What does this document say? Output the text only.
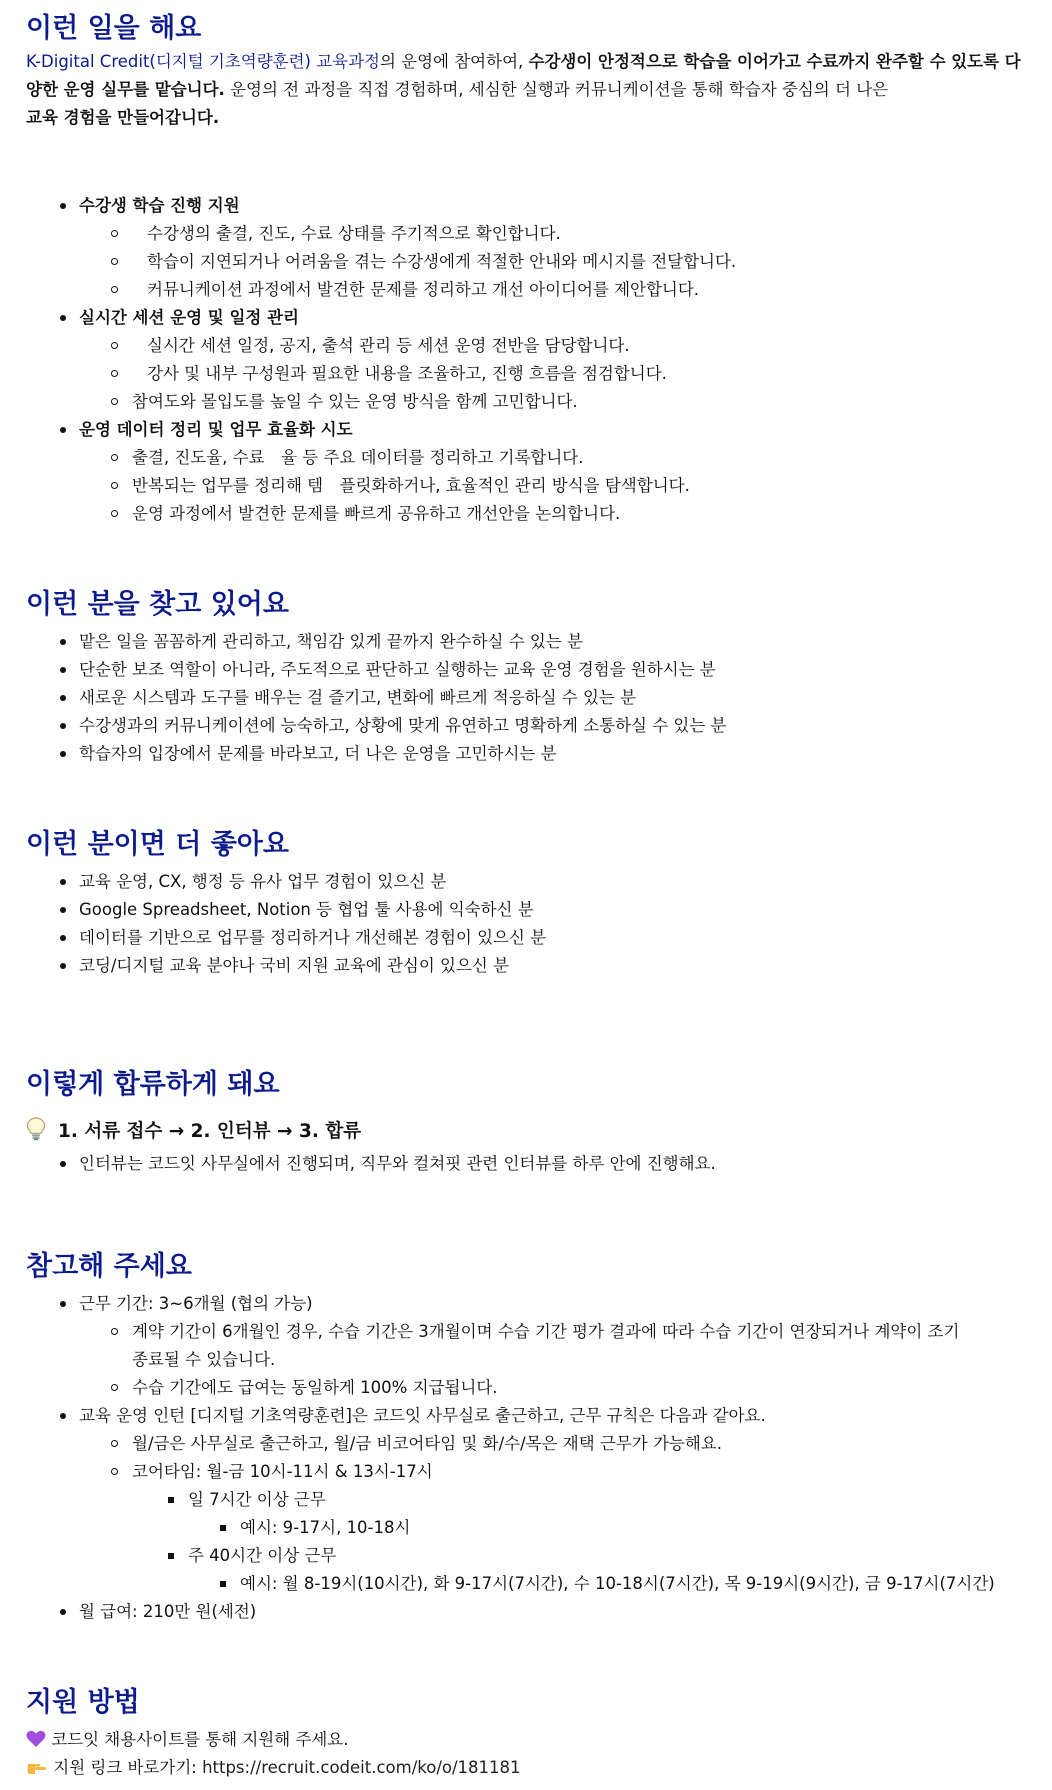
이런 일을 해요

K-Digital Credit(디지털 기초역량훈련) 교육과정의 운영에 참여하여, 수강생이 안정적으로 학습을 이어가고 수료까지 완주할 수 있도록 다양한 운영 실무를 맡습니다. 운영의 전 과정을 직접 경험하며, 세심한 실행과 커뮤니케이션을 통해 학습자 중심의 더 나은
교육 경험을 만들어갑니다.

수강생 학습 진행 지원
수강생의 출결, 진도, 수료 상태를 주기적으로 확인합니다.
학습이 지연되거나 어려움을 겪는 수강생에게 적절한 안내와 메시지를 전달합니다.
커뮤니케이션 과정에서 발견한 문제를 정리하고 개선 아이디어를 제안합니다.
실시간 세션 운영 및 일정 관리
실시간 세션 일정, 공지, 출석 관리 등 세션 운영 전반을 담당합니다.
강사 및 내부 구성원과 필요한 내용을 조율하고, 진행 흐름을 점검합니다.
참여도와 몰입도를 높일 수 있는 운영 방식을 함께 고민합니다.
운영 데이터 정리 및 업무 효율화 시도
출결, 진도율, 수료　율 등 주요 데이터를 정리하고 기록합니다.
반복되는 업무를 정리해 템　플릿화하거나, 효율적인 관리 방식을 탐색합니다.
운영 과정에서 발견한 문제를 빠르게 공유하고 개선안을 논의합니다.
이런 분을 찾고 있어요
맡은 일을 꼼꼼하게 관리하고, 책임감 있게 끝까지 완수하실 수 있는 분
단순한 보조 역할이 아니라, 주도적으로 판단하고 실행하는 교육 운영 경험을 원하시는 분
새로운 시스템과 도구를 배우는 걸 즐기고, 변화에 빠르게 적응하실 수 있는 분
수강생과의 커뮤니케이션에 능숙하고, 상황에 맞게 유연하고 명확하게 소통하실 수 있는 분
학습자의 입장에서 문제를 바라보고, 더 나은 운영을 고민하시는 분
이런 분이면 더 좋아요
교육 운영, CX, 행정 등 유사 업무 경험이 있으신 분
Google Spreadsheet, Notion 등 협업 툴 사용에 익숙하신 분
데이터를 기반으로 업무를 정리하거나 개선해본 경험이 있으신 분
코딩/디지털 교육 분야나 국비 지원 교육에 관심이 있으신 분
이렇게 합류하게 돼요
1. 서류 접수 → 2. 인터뷰 → 3. 합류
인터뷰는 코드잇 사무실에서 진행되며, 직무와 컬쳐핏 관련 인터뷰를 하루 안에 진행해요.
참고해 주세요
근무 기간: 3~6개월 (협의 가능)
계약 기간이 6개월인 경우, 수습 기간은 3개월이며 수습 기간 평가 결과에 따라 수습 기간이 연장되거나 계약이 조기
종료될 수 있습니다.
수습 기간에도 급여는 동일하게 100% 지급됩니다.
교육 운영 인턴 [디지털 기초역량훈련]은 코드잇 사무실로 출근하고, 근무 규칙은 다음과 같아요.
월/금은 사무실로 출근하고, 월/금 비코어타임 및 화/수/목은 재택 근무가 가능해요.
코어타임: 월-금 10시-11시 & 13시-17시
일 7시간 이상 근무
예시: 9-17시, 10-18시
주 40시간 이상 근무
예시: 월 8-19시(10시간), 화 9-17시(7시간), 수 10-18시(7시간), 목 9-19시(9시간), 금 9-17시(7시간)
월 급여: 210만 원(세전)
지원 방법
코드잇 채용사이트를 통해 지원해 주세요.
지원 링크 바로가기: https://recruit.codeit.com/ko/o/181181
